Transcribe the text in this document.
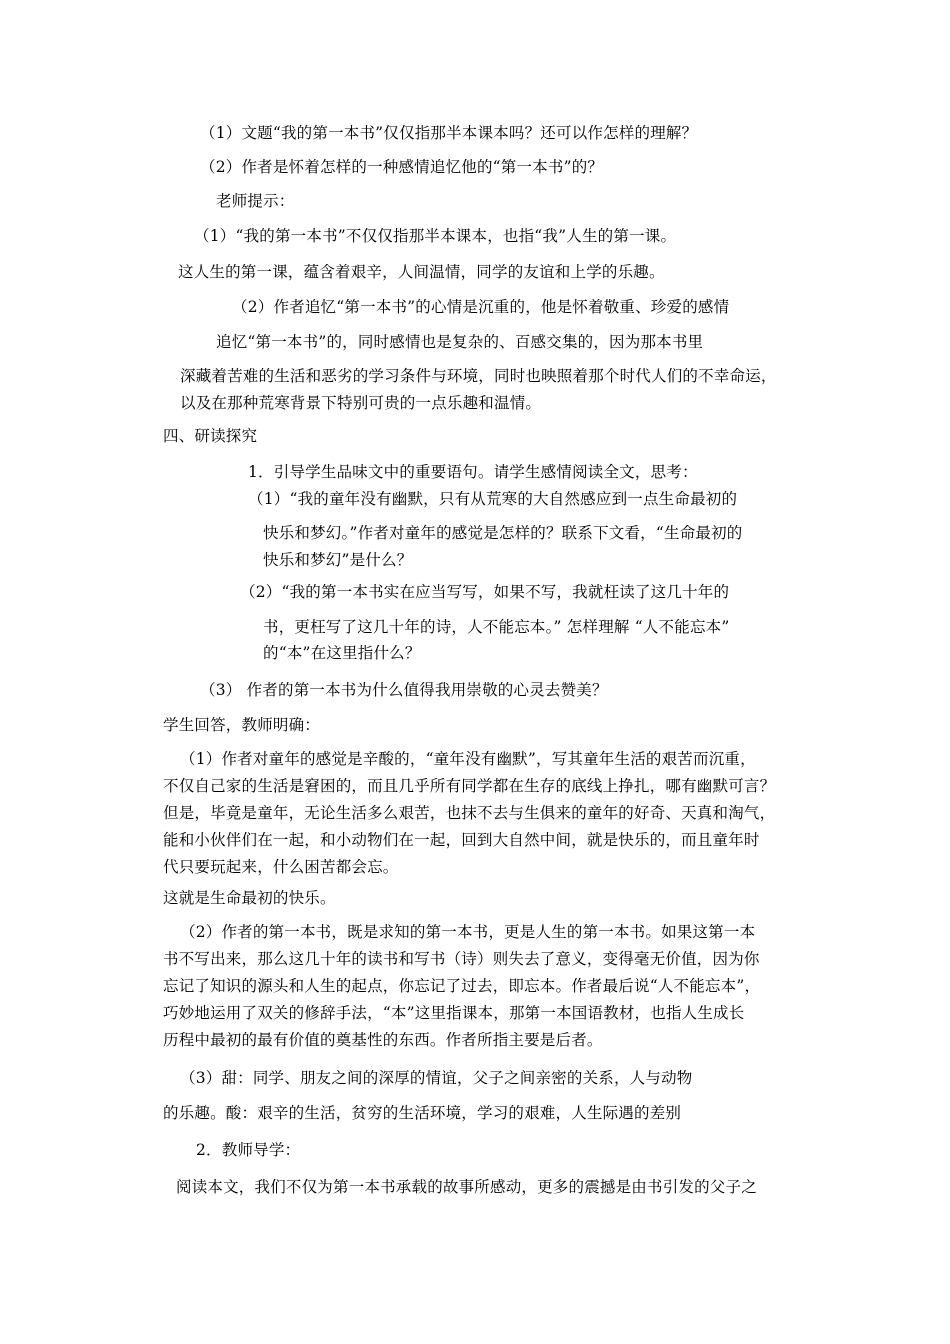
（1）文题“我的第一本书”仅仅指那半本课本吗？还可以作怎样的理解？
（2）作者是怀着怎样的一种感情追忆他的“第一本书”的？
老师提示：
（1）“我的第一本书”不仅仅指那半本课本，也指“我”人生的第一课。
这人生的第一课，蕴含着艰辛，人间温情，同学的友谊和上学的乐趣。
（2）作者追忆“第一本书”的心情是沉重的，他是怀着敬重、珍爱的感情
追忆“第一本书”的，同时感情也是复杂的、百感交集的，因为那本书里
深藏着苦难的生活和恶劣的学习条件与环境，同时也映照着那个时代人们的不幸命运，
以及在那种荒寒背景下特别可贵的一点乐趣和温情。
四、研读探究
1．引导学生品味文中的重要语句。请学生感情阅读全文，思考：
（1）“我的童年没有幽默，只有从荒寒的大自然感应到一点生命最初的
快乐和梦幻。”作者对童年的感觉是怎样的？联系下文看，“生命最初的
快乐和梦幻”是什么？
（2）“我的第一本书实在应当写写，如果不写，我就枉读了这几十年的
书，更枉写了这几十年的诗，人不能忘本。” 怎样理解 “人不能忘本”
的“本”在这里指什么？
（3） 作者的第一本书为什么值得我用崇敬的心灵去赞美？
学生回答，教师明确：
（1）作者对童年的感觉是辛酸的，“童年没有幽默”，写其童年生活的艰苦而沉重，
不仅自己家的生活是窘困的，而且几乎所有同学都在生存的底线上挣扎，哪有幽默可言？
但是，毕竟是童年，无论生活多么艰苦，也抹不去与生俱来的童年的好奇、天真和淘气，
能和小伙伴们在一起，和小动物们在一起，回到大自然中间，就是快乐的，而且童年时
代只要玩起来，什么困苦都会忘。
这就是生命最初的快乐。
（2）作者的第一本书，既是求知的第一本书，更是人生的第一本书。如果这第一本
书不写出来，那么这几十年的读书和写书（诗）则失去了意义，变得毫无价值，因为你
忘记了知识的源头和人生的起点，你忘记了过去，即忘本。作者最后说“人不能忘本”，
巧妙地运用了双关的修辞手法，“本”这里指课本，那第一本国语教材，也指人生成长
历程中最初的最有价值的奠基性的东西。作者所指主要是后者。
（3）甜：同学、朋友之间的深厚的情谊，父子之间亲密的关系，人与动物
的乐趣。酸：艰辛的生活，贫穷的生活环境，学习的艰难，人生际遇的差别
2．教师导学：
阅读本文，我们不仅为第一本书承载的故事所感动，更多的震撼是由书引发的父子之
